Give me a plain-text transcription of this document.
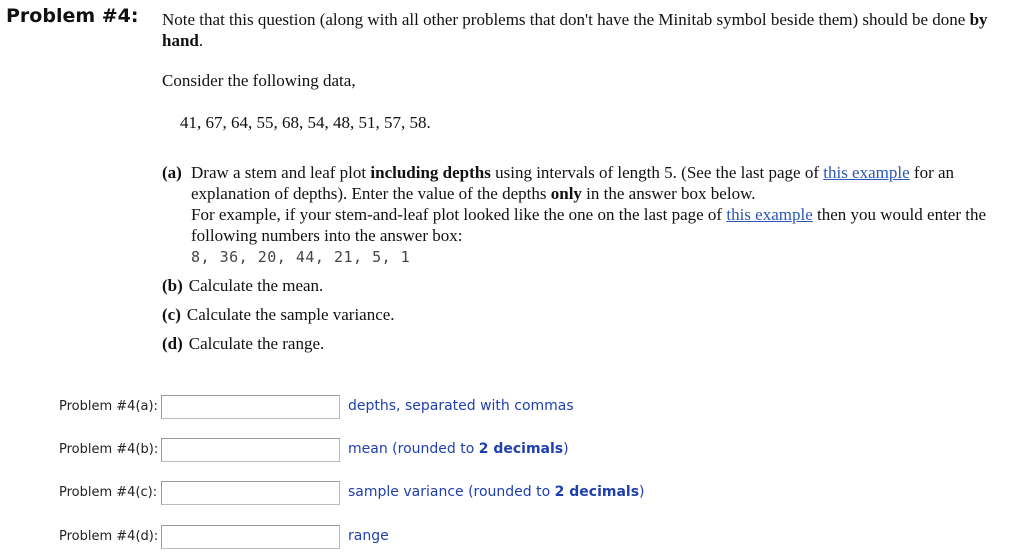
Problem #4: Note that this question (along with all other problems that don't have the Minitab symbol beside them) should be done by hand.
Consider the following data,
41, 67, 64, 55, 68, 54, 48, 51, 57, 58.
(a) Draw a stem and leaf plot including depths using intervals of length 5. (See the last page of this example for an explanation of depths). Enter the value of the depths only in the answer box below.
For example, if your stem-and-leaf plot looked like the one on the last page of this example then you would enter the following numbers into the answer box:
8, 36, 20, 44, 21, 5, 1
(b) Calculate the mean.
(c) Calculate the sample variance.
(d) Calculate the range.
Problem #4(a):	depths, separated with commas
Problem #4(b):	mean (rounded to 2 decimals)
Problem #4(c):	sample variance (rounded to 2 decimals)
Problem #4(d):	range
